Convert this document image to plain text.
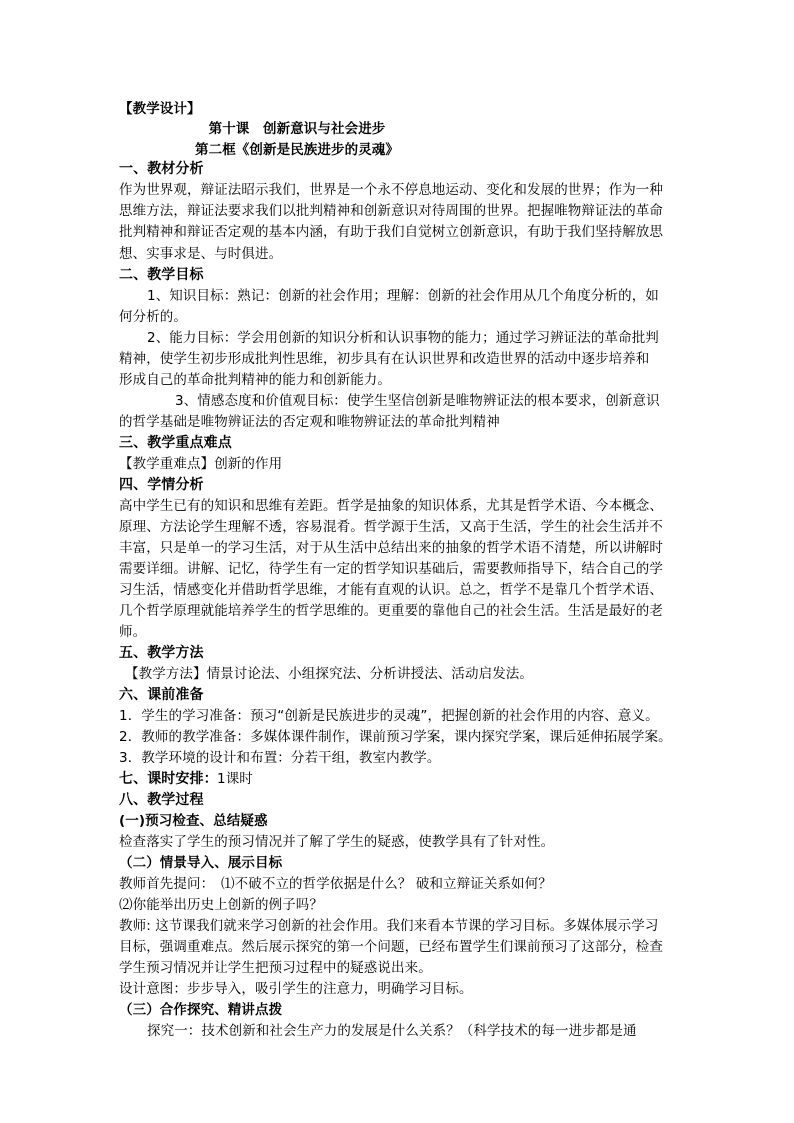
【教学设计】
第十课　创新意识与社会进步
第二框《创新是民族进步的灵魂》
一、教材分析
作为世界观，辩证法昭示我们，世界是一个永不停息地运动、变化和发展的世界；作为一种
思维方法，辩证法要求我们以批判精神和创新意识对待周围的世界。把握唯物辩证法的革命
批判精神和辩证否定观的基本内涵，有助于我们自觉树立创新意识，有助于我们坚持解放思
想、实事求是、与时俱进。
二、教学目标
1、知识目标：熟记：创新的社会作用；理解：创新的社会作用从几个角度分析的，如
何分析的。
2、能力目标：学会用创新的知识分析和认识事物的能力；通过学习辨证法的革命批判
精神，使学生初步形成批判性思维，初步具有在认识世界和改造世界的活动中逐步培养和
形成自己的革命批判精神的能力和创新能力。
3、情感态度和价值观目标：使学生坚信创新是唯物辨证法的根本要求，创新意识
的哲学基础是唯物辨证法的否定观和唯物辨证法的革命批判精神
三、教学重点难点
【教学重难点】创新的作用
四、学情分析
高中学生已有的知识和思维有差距。哲学是抽象的知识体系，尤其是哲学术语、今本概念、
原理、方法论学生理解不透，容易混肴。哲学源于生活，又高于生活，学生的社会生活并不
丰富，只是单一的学习生活，对于从生活中总结出来的抽象的哲学术语不清楚，所以讲解时
需要详细。讲解、记忆，待学生有一定的哲学知识基础后，需要教师指导下，结合自己的学
习生活，情感变化并借助哲学思维，才能有直观的认识。总之，哲学不是靠几个哲学术语、
几个哲学原理就能培养学生的哲学思维的。更重要的靠他自己的社会生活。生活是最好的老
师。
五、教学方法
【教学方法】情景讨论法、小组探究法、分析讲授法、活动启发法。
六、课前准备
1．学生的学习准备：预习“创新是民族进步的灵魂”，把握创新的社会作用的内容、意义。
2．教师的教学准备：多媒体课件制作，课前预习学案，课内探究学案，课后延伸拓展学案。
3．教学环境的设计和布置：分若干组，教室内教学。
七、课时安排： 1课时
八、教学过程
(一)预习检查、总结疑惑
检查落实了学生的预习情况并了解了学生的疑惑，使教学具有了针对性。
（二）情景导入、展示目标
教师首先提问：　⑴不破不立的哲学依据是什么？ 破和立辩证关系如何？
⑵你能举出历史上创新的例子吗？
教师: 这节课我们就来学习创新的社会作用。我们来看本节课的学习目标。多媒体展示学习
目标，强调重难点。然后展示探究的第一个问题，已经布置学生们课前预习了这部分，检查
学生预习情况并让学生把预习过程中的疑惑说出来。
设计意图：步步导入，吸引学生的注意力，明确学习目标。
（三）合作探究、精讲点拨
探究一：技术创新和社会生产力的发展是什么关系？（科学技术的每一进步都是通
